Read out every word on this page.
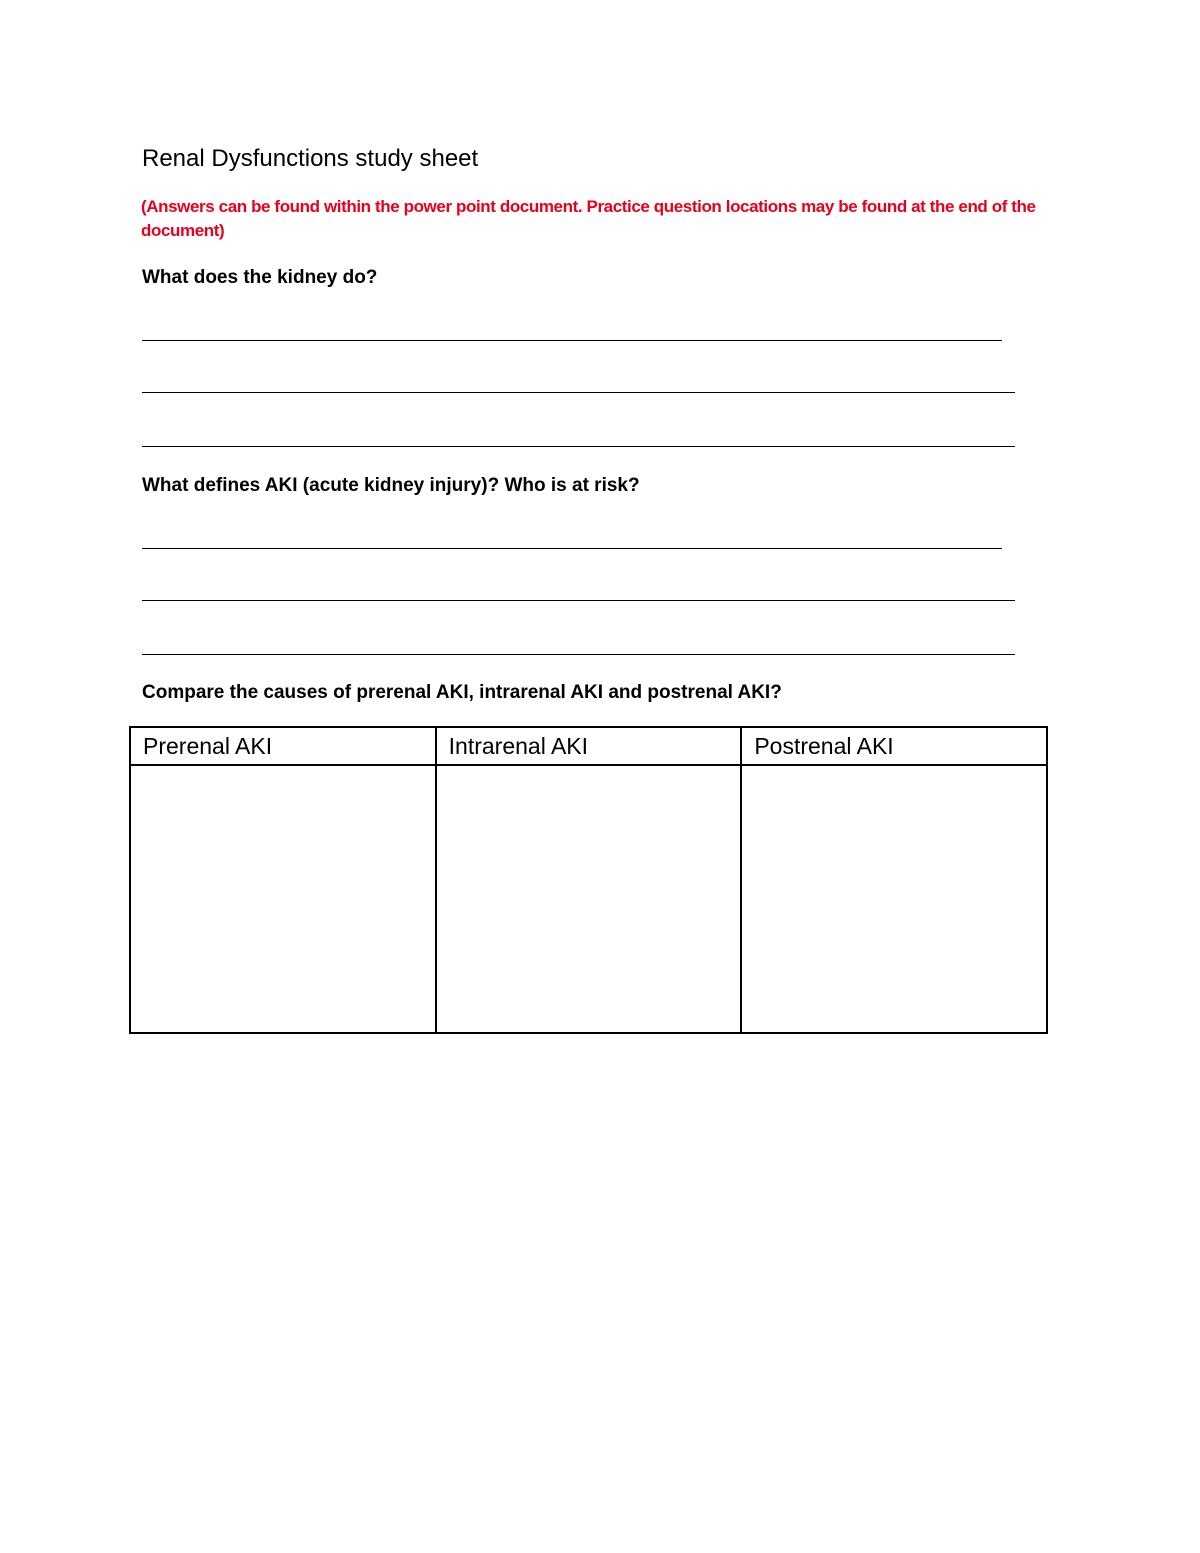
Renal Dysfunctions study sheet
(Answers can be found within the power point document. Practice question locations may be found at the end of the document)
What does the kidney do?
What defines AKI (acute kidney injury)? Who is at risk?
Compare the causes of prerenal AKI, intrarenal AKI and postrenal AKI?
Prerenal AKI	Intrarenal AKI	Postrenal AKI
